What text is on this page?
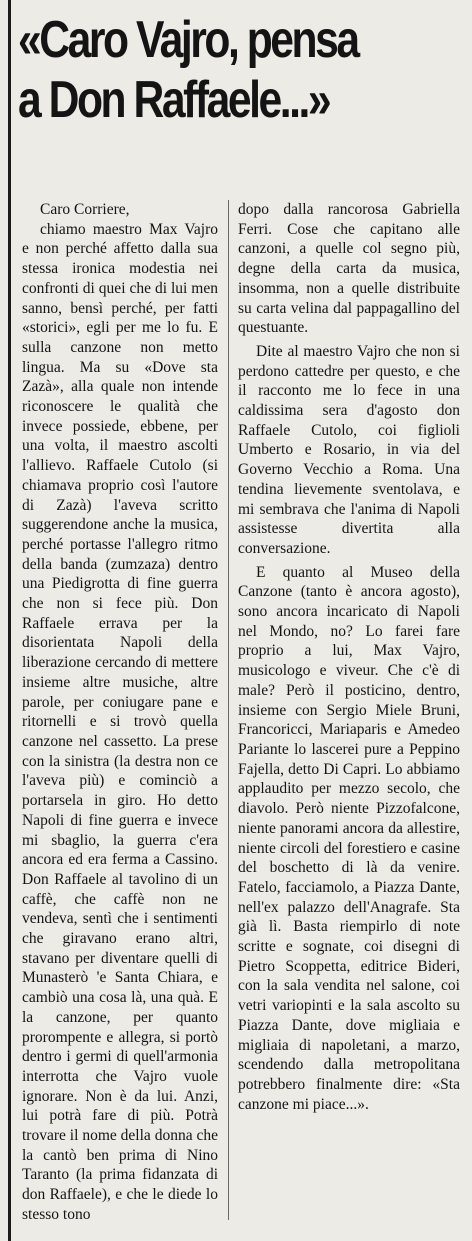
«Caro Vajro, pensa
a Don Raffaele...»

Caro Corriere,

chiamo maestro Max Vajro e non perché affetto dalla sua stessa ironica modestia nei confronti di quei che di lui men sanno, bensì perché, per fatti «storici», egli per me lo fu. E sulla canzone non metto lingua. Ma su «Dove sta Zazà», alla quale non intende riconoscere le qualità che invece possiede, ebbene, per una volta, il maestro ascolti l'allievo. Raffaele Cutolo (si chiamava proprio così l'autore di Zazà) l'aveva scritto suggerendone anche la musica, perché portasse l'allegro ritmo della banda (zumzaza) dentro una Piedigrotta di fine guerra che non si fece più. Don Raffaele errava per la disorientata Napoli della liberazione cercando di mettere insieme altre musiche, altre parole, per coniugare pane e ritornelli e si trovò quella canzone nel cassetto. La prese con la sinistra (la destra non ce l'aveva più) e cominciò a portarsela in giro. Ho detto Napoli di fine guerra e invece mi sbaglio, la guerra c'era ancora ed era ferma a Cassino. Don Raffaele al tavolino di un caffè, che caffè non ne vendeva, sentì che i sentimenti che giravano erano altri, stavano per diventare quelli di Munasterò 'e Santa Chiara, e cambiò una cosa là, una quà. E la canzone, per quanto prorompente e allegra, si portò dentro i germi di quell'armonia interrotta che Vajro vuole ignorare. Non è da lui. Anzi, lui potrà fare di più. Potrà trovare il nome della donna che la cantò ben prima di Nino Taranto (la prima fidanzata di don Raffaele), e che le diede lo stesso tono

dopo dalla rancorosa Gabriella Ferri. Cose che capitano alle canzoni, a quelle col segno più, degne della carta da musica, insomma, non a quelle distribuite su carta velina dal pappagallino del questuante.

Dite al maestro Vajro che non si perdono cattedre per questo, e che il racconto me lo fece in una caldissima sera d'agosto don Raffaele Cutolo, coi figlioli Umberto e Rosario, in via del Governo Vecchio a Roma. Una tendina lievemente sventolava, e mi sembrava che l'anima di Napoli assistesse divertita alla conversazione.

E quanto al Museo della Canzone (tanto è ancora agosto), sono ancora incaricato di Napoli nel Mondo, no? Lo farei fare proprio a lui, Max Vajro, musicologo e viveur. Che c'è di male? Però il posticino, dentro, insieme con Sergio Miele Bruni, Francoricci, Mariaparis e Amedeo Pariante lo lascerei pure a Peppino Fajella, detto Di Capri. Lo abbiamo applaudito per mezzo secolo, che diavolo. Però niente Pizzofalcone, niente panorami ancora da allestire, niente circoli del forestiero e casine del boschetto di là da venire. Fatelo, facciamolo, a Piazza Dante, nell'ex palazzo dell'Anagrafe. Sta già lì. Basta riempirlo di note scritte e sognate, coi disegni di Pietro Scoppetta, editrice Bideri, con la sala vendita nel salone, coi vetri variopinti e la sala ascolto su Piazza Dante, dove migliaia e migliaia di napoletani, a marzo, scendendo dalla metropolitana potrebbero finalmente dire: «Sta canzone mi piace...».
